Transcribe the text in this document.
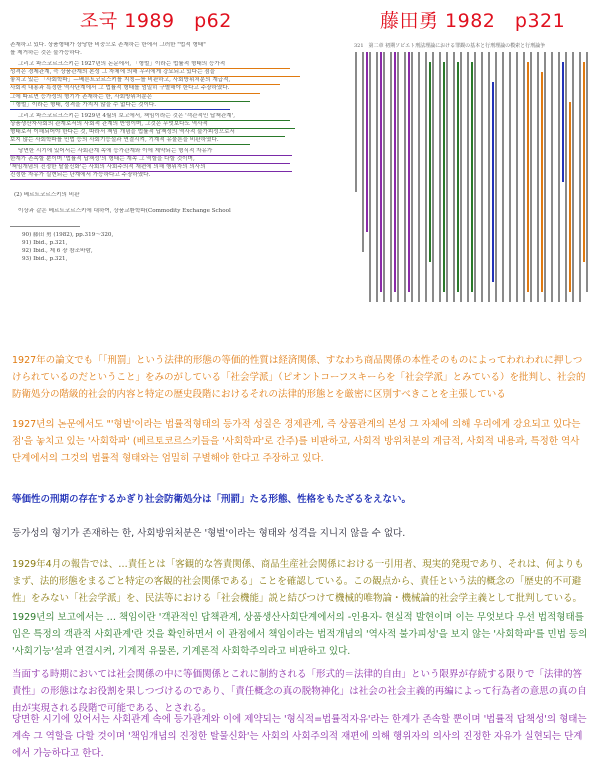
조국 1989　p62	藤田勇 1982　p321
존재하고 있다. 상품형태가 상당한 비중으로 존재하는 한에서 그러한 "법적 형태"
를 제거하는 것은 불가능하다.
그리고 파스코르크스키는 1927년의 논문에서, 「형벌」이라는 법률적 형태의 등가적
성격은 경제관계, 즉 상품관계의 본성 그 자체에 의해 우리에게 강요되고 있다는 점을
놓치고 있는 「사회학파」—베른트코르스키를 지칭—를 비판하고, 사회방위처분의 계급적,
사회적 내용과 특정한 역사단계에서 그 법률적 형태를 엄밀히 구별해야 한다고 주장하였다.
그에 따르면 등가성의 형기가 존재하는 한, 사회방위처분은
「형벌」이라는 형태, 성격을 가지지 않을 수 없다는 것이다.
그리고 파스코르크스키는 1929년 4월의 보고에서, 책임이라는 것은 '객관적인 답책관계',
상품생산자사회의 관계로서의 사회적 관계의 반영이며, 그것은 무엇보다도 역사적
형태로서 이해되어야 한다는 것, 따라서 책임 개념을 법률적 답책성의 역사적 불가피성으로서
보지 않는 사회학파를 민법 등의 사회기능설과 연결시켜, 기계적 유물론을 비판하였다.
당면한 시기에 있어서는 사회관계 속에 등가관계와 이에 제약되는 형식적 자유가
한계가 존속할 뿐이며 '법률적 답책성'의 형태는 계속 그 역할을 다할 것이며,
'책임개념의 진정한 탈물신화'는 사회의 사회주의적 재편에 의해 행위자의 의사의
진정한 자유가 실현되는 단계에서 가능하다고 주장하였다.
(2) 베르트코르스키의 비판
이상과 같은 베르트코르스키에 대하여, 상품교환학파(Commodity Exchange School
90) 藤田 勇 (1982), pp.319～320,
91) Ibid., p.321,
92) Ibid., 제 6 장 참조바람,
93) Ibid., p.321,
321　第二章 初期ソビエト刑法理論における罪観の基本と行刑理論の模索と行刑論争

1927年の論文でも「「刑罰」という法律的形態の等価的性質は経済関係、すなわち商品関係の本性そのものによってわれわれに押しつけられているのだということ」をみのがしている「社会学派」（ピオントコーフスキーらを「社会学派」とみている）を批判し、社会的防衛処分の階級的社会的内容と特定の歴史段階におけるそれの法律的形態とを厳密に区別すべきことを主張している

1927년의 논문에서도 "'형벌'이라는 법률적형태의 등가적 성질은 경제관계, 즉 상품관계의 본성 그 자체에 의해 우리에게 강요되고 있다는 점'을 놓치고 있는 '사회학파' (베르토코르스키들을 '사회학파'로 간주)를 비판하고, 사회적 방위처분의 계급적, 사회적 내용과, 특정한 역사단계에서의 그것의 법률적 형태와는 엄밀히 구별해야 한다고 주장하고 있다.

等価性の刑期の存在するかぎり社会防衛処分は「刑罰」たる形態、性格をもたざるをえない。

등가성의 형기가 존재하는 한, 사회방위처분은 '형벌'이라는 형태와 성격을 지니지 않을 수 없다.

1929年4月の報告では、…責任とは「客観的な答責関係、商品生産社会関係における一引用者、現実的発現であり、それは、何よりもまず、法的形態をまるごと特定の客観的社会関係である」ことを確認している。この観点から、責任という法的概念の「歴史的不可避性」をみない「社会学派」を、民法等における「社会機能」説と結びつけて機械的唯物論・機械論的社会学主義として批判している。

1929년의 보고에서는 … 책임이란 '객관적인 답책관계, 상품생산사회단계에서의 -인용자- 현실적 발현이며 이는 무엇보다 우선 법적형태를 입은 특정의 객관적 사회관계'란 것을 확인하면서 이 관점에서 책임이라는 법적개념의 '역사적 불가피성'을 보지 않는 '사회학파'를 민법 등의 '사회기능'설과 연결시켜, 기계적 유물론, 기계론적 사회학주의라고 비판하고 있다.

当面する時期においては社会関係の中に等価関係とこれに制約される「形式的＝法律的自由」という限界が存続する限りで「法律的答責性」の形態はなお役割を果しつづけるのであり、「責任概念の真の脱物神化」は社会の社会主義的再編によって行為者の意思の真の自由が実現される段階で可能である、とされる。

당면한 시기에 있어서는 사회관계 속에 등가관계와 이에 제약되는 '형식적=법률적자유'라는 한계가 존속할 뿐이며 '법률적 답책성'의 형태는 계속 그 역할을 다할 것이며 '책임개념의 진정한 탈물신화'는 사회의 사회주의적 재편에 의해 행위자의 의사의 진정한 자유가 실현되는 단계에서 가능하다고 한다.
